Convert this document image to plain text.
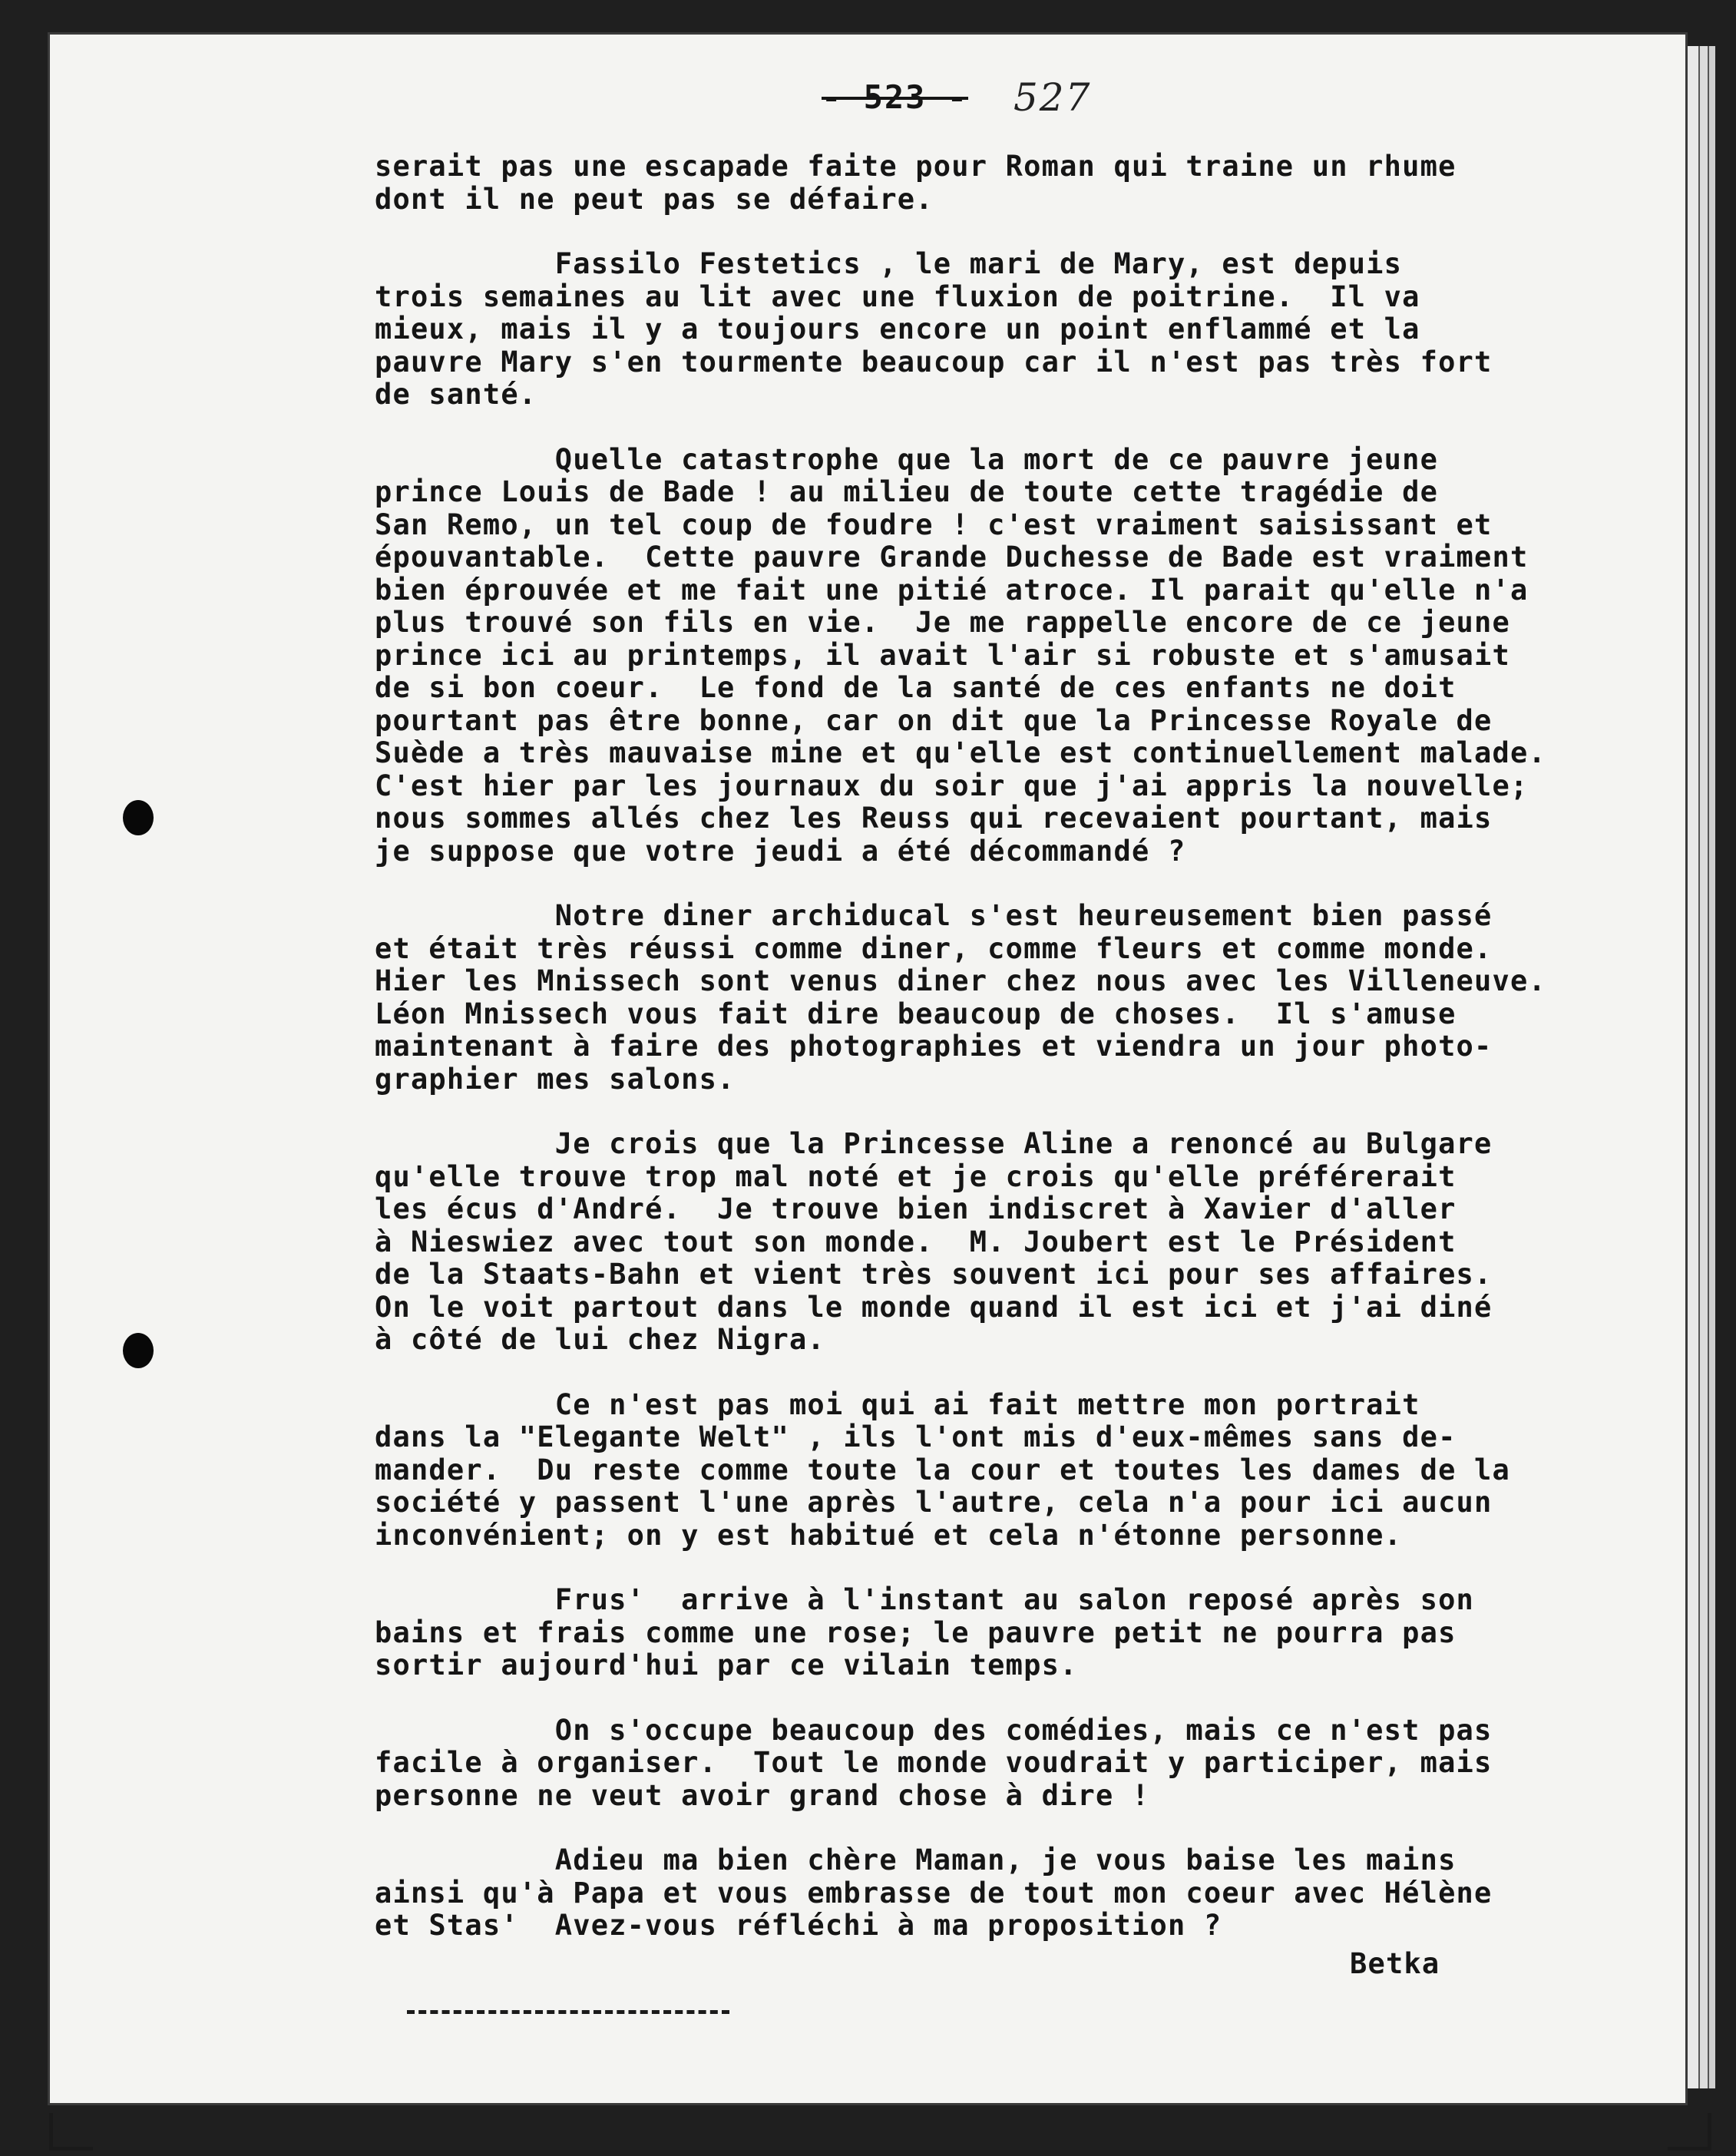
- 523 - 527
serait pas une escapade faite pour Roman qui traine un rhume
dont il ne peut pas se défaire.
Fassilo Festetics , le mari de Mary, est depuis
trois semaines au lit avec une fluxion de poitrine.  Il va
mieux, mais il y a toujours encore un point enflammé et la
pauvre Mary s'en tourmente beaucoup car il n'est pas très fort
de santé.
Quelle catastrophe que la mort de ce pauvre jeune
prince Louis de Bade ! au milieu de toute cette tragédie de
San Remo, un tel coup de foudre ! c'est vraiment saisissant et
épouvantable.  Cette pauvre Grande Duchesse de Bade est vraiment
bien éprouvée et me fait une pitié atroce. Il parait qu'elle n'a
plus trouvé son fils en vie.  Je me rappelle encore de ce jeune
prince ici au printemps, il avait l'air si robuste et s'amusait
de si bon coeur.  Le fond de la santé de ces enfants ne doit
pourtant pas être bonne, car on dit que la Princesse Royale de
Suède a très mauvaise mine et qu'elle est continuellement malade.
C'est hier par les journaux du soir que j'ai appris la nouvelle;
nous sommes allés chez les Reuss qui recevaient pourtant, mais
je suppose que votre jeudi a été décommandé ?
Notre diner archiducal s'est heureusement bien passé
et était très réussi comme diner, comme fleurs et comme monde.
Hier les Mnissech sont venus diner chez nous avec les Villeneuve.
Léon Mnissech vous fait dire beaucoup de choses.  Il s'amuse
maintenant à faire des photographies et viendra un jour photo-
graphier mes salons.
Je crois que la Princesse Aline a renoncé au Bulgare
qu'elle trouve trop mal noté et je crois qu'elle préférerait
les écus d'André.  Je trouve bien indiscret à Xavier d'aller
à Nieswiez avec tout son monde.  M. Joubert est le Président
de la Staats-Bahn et vient très souvent ici pour ses affaires.
On le voit partout dans le monde quand il est ici et j'ai diné
à côté de lui chez Nigra.
Ce n'est pas moi qui ai fait mettre mon portrait
dans la "Elegante Welt" , ils l'ont mis d'eux-mêmes sans de-
mander.  Du reste comme toute la cour et toutes les dames de la
société y passent l'une après l'autre, cela n'a pour ici aucun
inconvénient; on y est habitué et cela n'étonne personne.
Frus'  arrive à l'instant au salon reposé après son
bains et frais comme une rose; le pauvre petit ne pourra pas
sortir aujourd'hui par ce vilain temps.
On s'occupe beaucoup des comédies, mais ce n'est pas
facile à organiser.  Tout le monde voudrait y participer, mais
personne ne veut avoir grand chose à dire !
Adieu ma bien chère Maman, je vous baise les mains
ainsi qu'à Papa et vous embrasse de tout mon coeur avec Hélène
et Stas'  Avez-vous réfléchi à ma proposition ?
Betka
